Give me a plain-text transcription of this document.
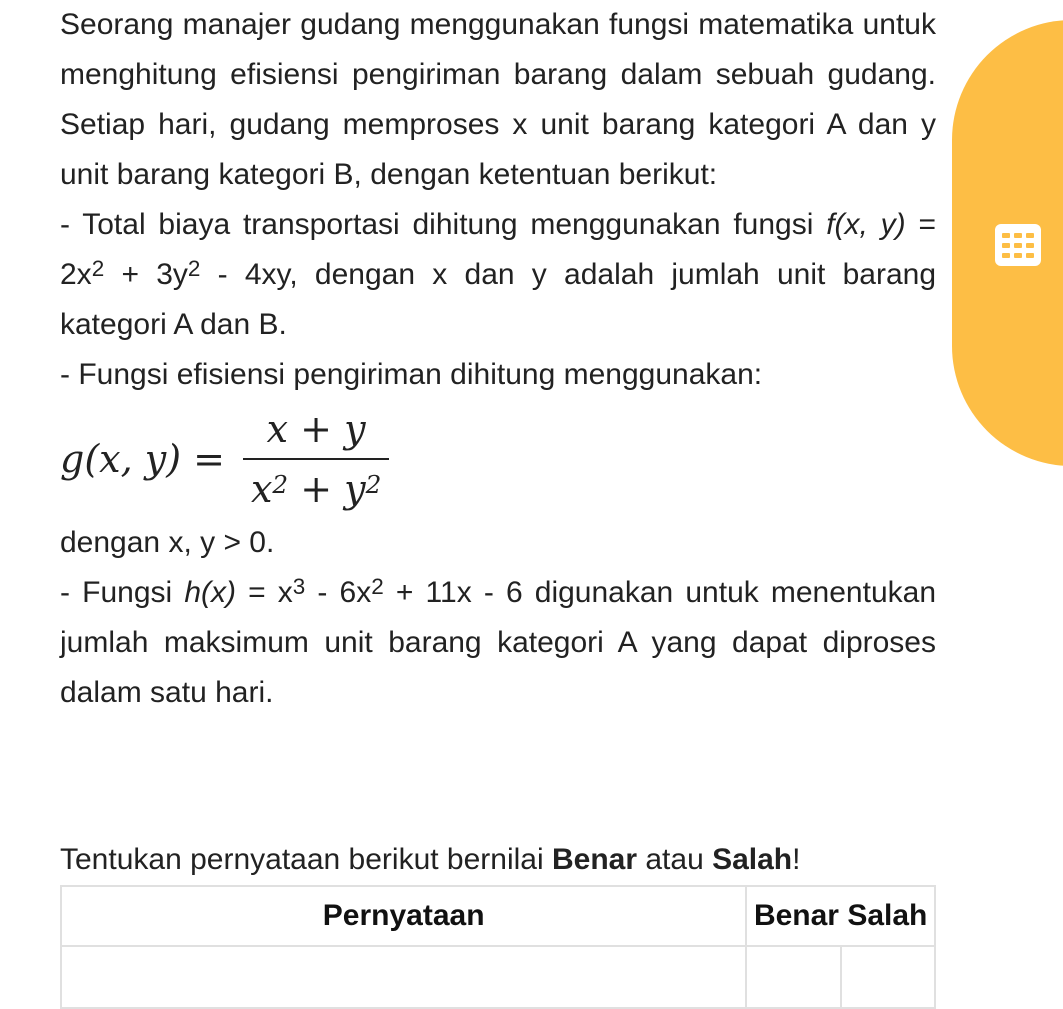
Seorang manajer gudang menggunakan fungsi matematika untuk menghitung efisiensi pengiriman barang dalam sebuah gudang. Setiap hari, gudang memproses x unit barang kategori A dan y unit barang kategori B, dengan ketentuan berikut:

- Total biaya transportasi dihitung menggunakan fungsi f(x, $y) = 2x^2 + 3y^2 - 4xy$, dengan x dan y adalah jumlah unit barang kategori A dan B.

- Fungsi efisiensi pengiriman dihitung menggunakan:

g(x, $y) = \frac{x + y}{x^2 + y^2}$

dengan x, y > 0.

- Fungsi $h(x) = x^3 - 6x^2 + 11x - 6$ digunakan untuk menentukan jumlah maksimum unit barang kategori A yang dapat diproses dalam satu hari.

Tentukan pernyataan berikut bernilai Benar atau Salah!

Pernyataan	Benar Salah	
